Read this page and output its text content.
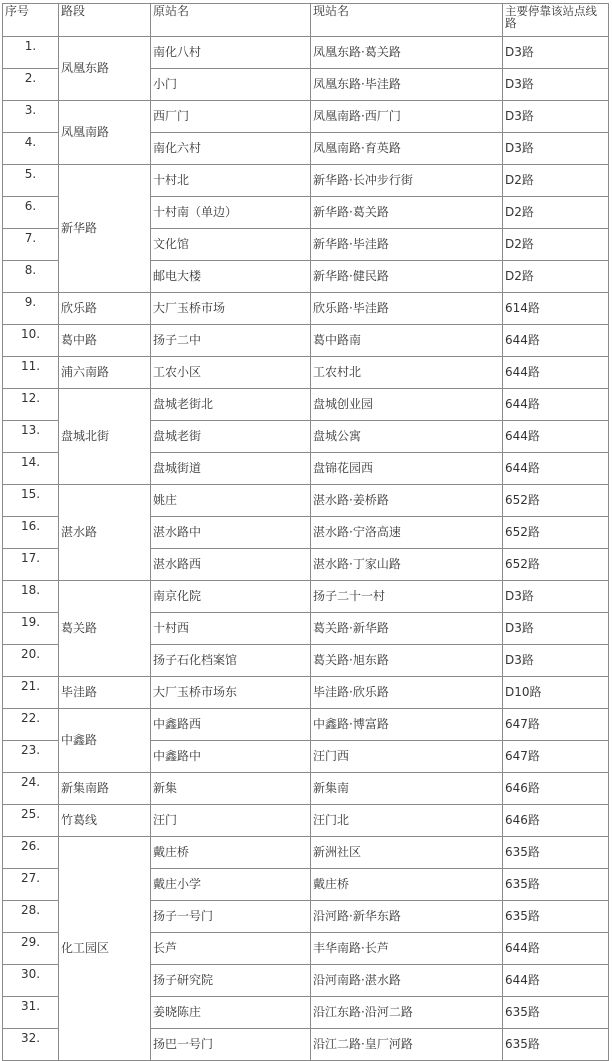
序号	路段	原站名	现站名	主要停靠该站点线路
1.	凤凰东路	南化八村	凤凰东路·葛关路	D3路
2.		小门	凤凰东路·毕洼路	D3路
3.	凤凰南路	西厂门	凤凰南路·西厂门	D3路
4.		南化六村	凤凰南路·育英路	D3路
5.	新华路	十村北	新华路·长冲步行街	D2路
6.		十村南（单边）	新华路·葛关路	D2路
7.		文化馆	新华路·毕洼路	D2路
8.		邮电大楼	新华路·健民路	D2路
9.	欣乐路	大厂玉桥市场	欣乐路·毕洼路	614路
10.	葛中路	扬子二中	葛中路南	644路
11.	浦六南路	工农小区	工农村北	644路
12.	盘城北街	盘城老街北	盘城创业园	644路
13.		盘城老街	盘城公寓	644路
14.		盘城街道	盘锦花园西	644路
15.	湛水路	姚庄	湛水路·姜桥路	652路
16.		湛水路中	湛水路·宁洛高速	652路
17.		湛水路西	湛水路·丁家山路	652路
18.	葛关路	南京化院	扬子二十一村	D3路
19.		十村西	葛关路·新华路	D3路
20.		扬子石化档案馆	葛关路·旭东路	D3路
21.	毕洼路	大厂玉桥市场东	毕洼路·欣乐路	D10路
22.	中鑫路	中鑫路西	中鑫路·博富路	647路
23.		中鑫路中	汪门西	647路
24.	新集南路	新集	新集南	646路
25.	竹葛线	汪门	汪门北	646路
26.	化工园区	戴庄桥	新洲社区	635路
27.		戴庄小学	戴庄桥	635路
28.		扬子一号门	沿河路·新华东路	635路
29.		长芦	丰华南路·长芦	644路
30.		扬子研究院	沿河南路·湛水路	644路
31.		姜晓陈庄	沿江东路·沿河二路	635路
32.		扬巴一号门	沿江二路·皇厂河路	635路
